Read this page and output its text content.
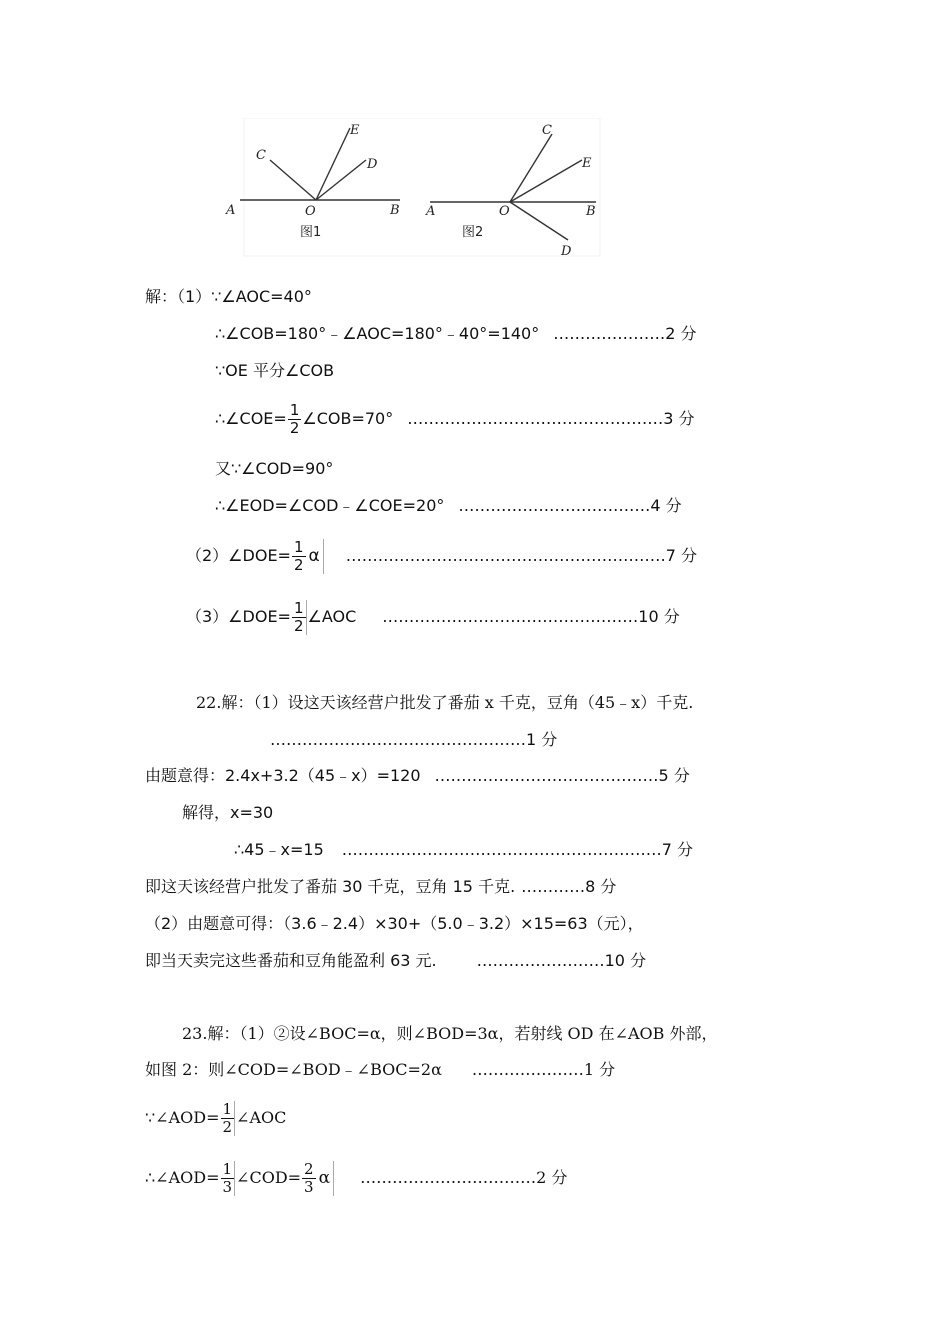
A	O	B
C
E
D
图1
A	O	B
C
E
D
图2
解：（1）∵∠AOC=40°
∴∠COB=180°﹣∠AOC=180°﹣40°=140° …………………2 分
∵OE 平分∠COB
∴∠COE= $\frac{1}{2}$ ∠COB=70° …………………………………………3 分
又∵∠COD=90°
∴∠EOD=∠COD﹣∠COE=20° ………………………………4 分
（2）∠DOE= $\frac{1}{2}$ α ……………………………………………………7 分
（3）∠DOE= $\frac{1}{2}$ ∠AOC …………………………………………10 分
22.解：（1）设这天该经营户批发了番茄 x 千克，豆角（45﹣x）千克.
…………………………………………1 分
由题意得：2.4x+3.2（45﹣x）=120 ……………………………………5 分
解得，x=30
∴45﹣x=15 ……………………………………………………7 分
即这天该经营户批发了番茄 30 千克，豆角 15 千克. …………8 分
（2）由题意可得：（3.6﹣2.4）×30+（5.0﹣3.2）×15=63（元），
即当天卖完这些番茄和豆角能盈利 63 元.	……………………10 分
23.解：（1）②设∠BOC=α，则∠BOD=3α，若射线 OD 在∠AOB 外部，
如图 2：则∠COD=∠BOD﹣∠BOC=2α …………………1 分
∵∠AOD= $\frac{1}{2}$ ∠AOC
∴∠AOD= $\frac{1}{3}$ ∠COD= $\frac{2}{3}$ α ……………………………2 分
